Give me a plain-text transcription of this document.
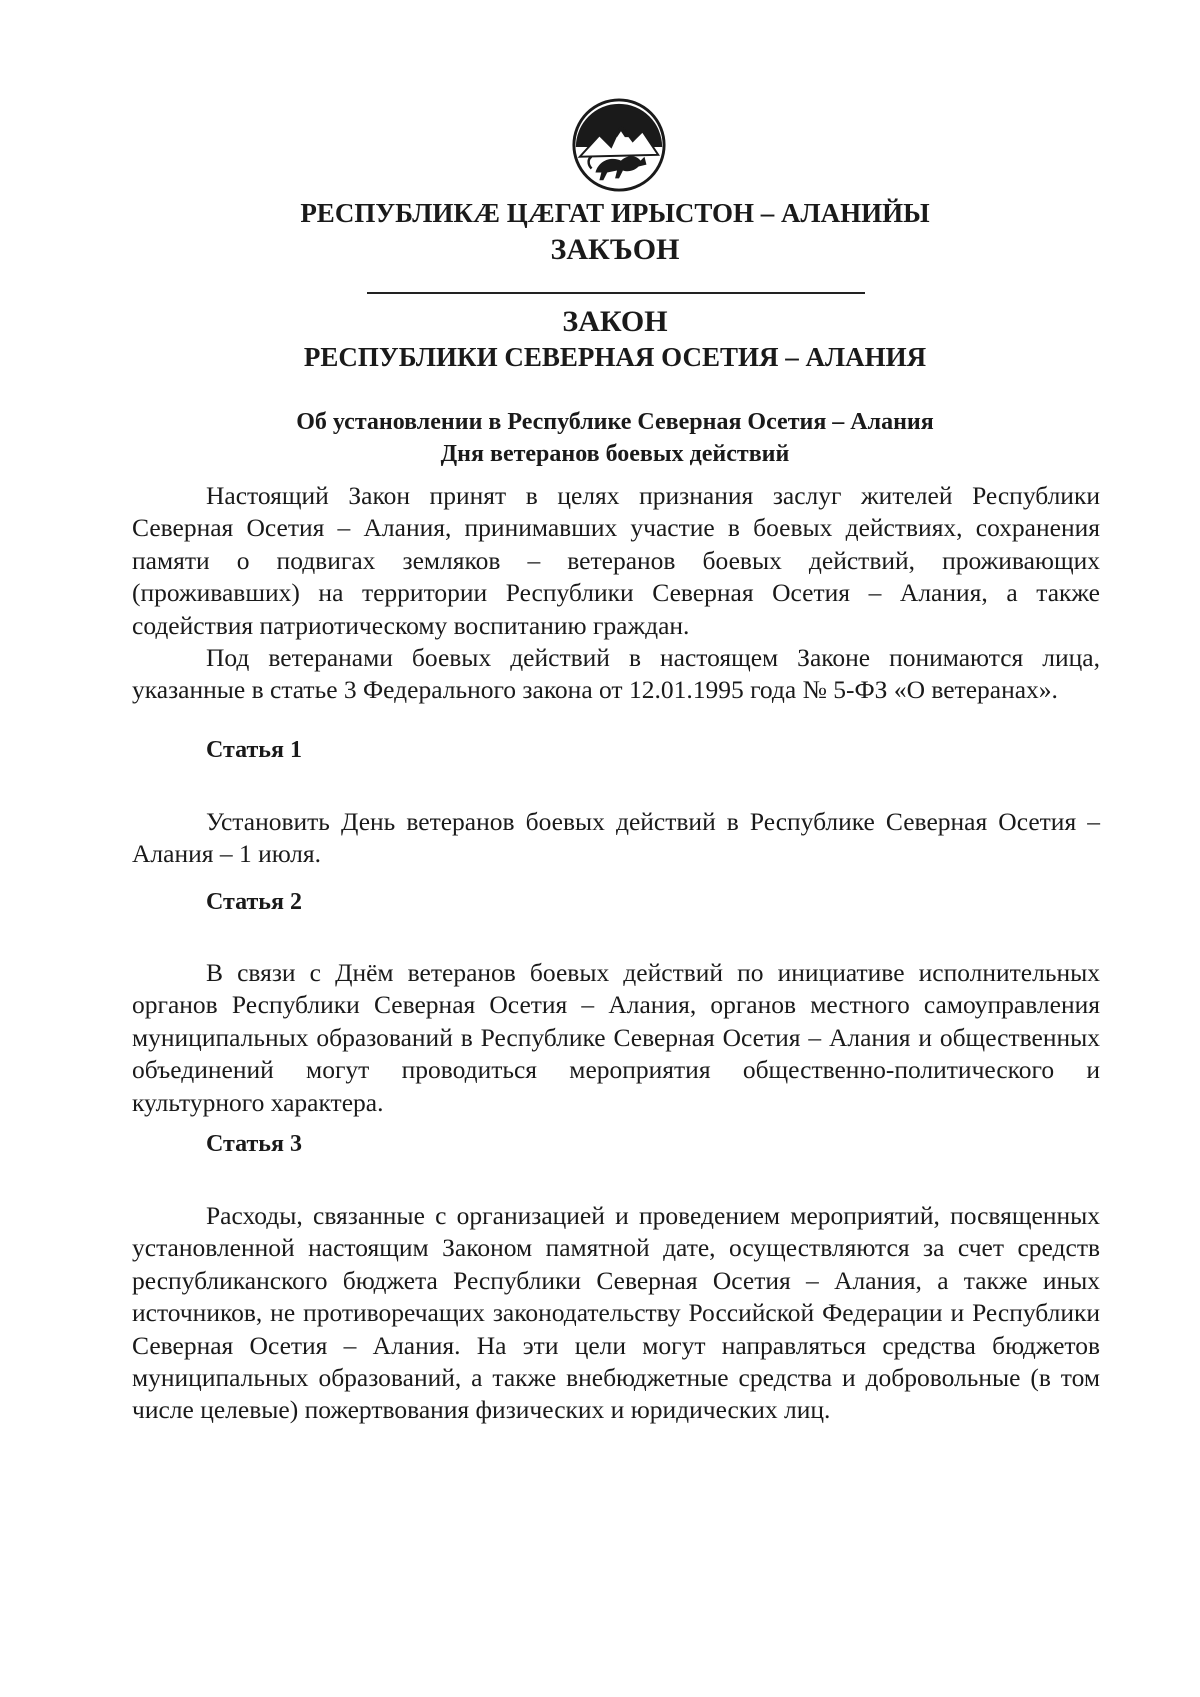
РЕСПУБЛИКÆ ЦÆГАТ ИРЫСТОН – АЛАНИЙЫ
ЗАКЪОН
ЗАКОН
РЕСПУБЛИКИ СЕВЕРНАЯ ОСЕТИЯ – АЛАНИЯ
Об установлении в Республике Северная Осетия – Алания
Дня ветеранов боевых действий

Настоящий Закон принят в целях признания заслуг жителей Республики Северная Осетия – Алания, принимавших участие в боевых действиях, сохранения памяти о подвигах земляков – ветеранов боевых действий, проживающих (проживавших) на территории Республики Северная Осетия – Алания, а также содействия патриотическому воспитанию граждан.

Под ветеранами боевых действий в настоящем Законе понимаются лица, указанные в статье 3 Федерального закона от 12.01.1995 года № 5-ФЗ «О ветеранах».

Статья 1

Установить День ветеранов боевых действий в Республике Северная Осетия – Алания – 1 июля.

Статья 2

В связи с Днём ветеранов боевых действий по инициативе исполнительных органов Республики Северная Осетия – Алания, органов местного самоуправления муниципальных образований в Республике Северная Осетия – Алания и общественных объединений могут проводиться мероприятия общественно-политического и культурного характера.

Статья 3

Расходы, связанные с организацией и проведением мероприятий, посвященных установленной настоящим Законом памятной дате, осуществляются за счет средств республиканского бюджета Республики Северная Осетия – Алания, а также иных источников, не противоречащих законодательству Российской Федерации и Республики Северная Осетия – Алания. На эти цели могут направляться средства бюджетов муниципальных образований, а также внебюджетные средства и добровольные (в том числе целевые) пожертвования физических и юридических лиц.
